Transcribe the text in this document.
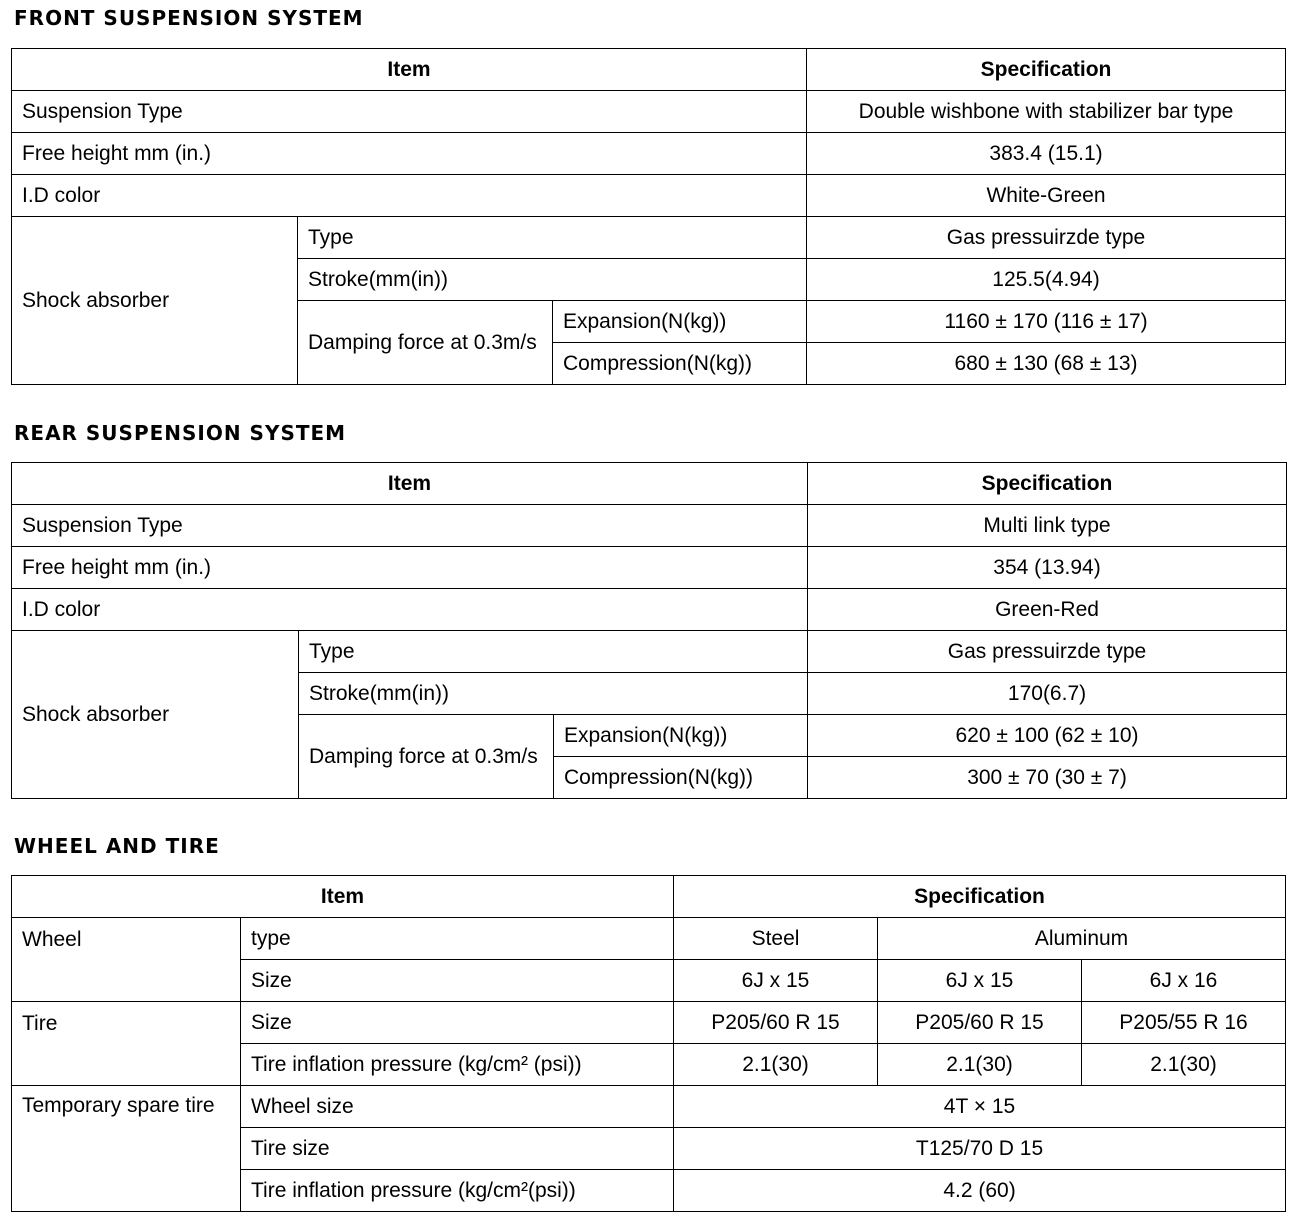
FRONT SUSPENSION SYSTEM
Item			Specification
Suspension Type			Double wishbone with stabilizer bar type
Free height mm (in.)			383.4 (15.1)
I.D color			White-Green
Shock absorber	Type		Gas pressuirzde type
	Stroke(mm(in))		125.5(4.94)
	Damping force at 0.3m/s	Expansion(N(kg))	1160 ± 170 (116 ± 17)
		Compression(N(kg))	680 ± 130 (68 ± 13)
REAR SUSPENSION SYSTEM
Item			Specification
Suspension Type			Multi link type
Free height mm (in.)			354 (13.94)
I.D color			Green-Red
Shock absorber	Type		Gas pressuirzde type
	Stroke(mm(in))		170(6.7)
	Damping force at 0.3m/s	Expansion(N(kg))	620 ± 100 (62 ± 10)
		Compression(N(kg))	300 ± 70 (30 ± 7)
WHEEL AND TIRE
Item		Specification		
Wheel	type	Steel	Aluminum	
	Size	6J x 15	6J x 15	6J x 16
Tire	Size	P205/60 R 15	P205/60 R 15	P205/55 R 16
	Tire inflation pressure (kg/cm² (psi))	2.1(30)	2.1(30)	2.1(30)
Temporary spare tire	Wheel size	4T × 15		
	Tire size	T125/70 D 15		
	Tire inflation pressure (kg/cm²(psi))	4.2 (60)		
